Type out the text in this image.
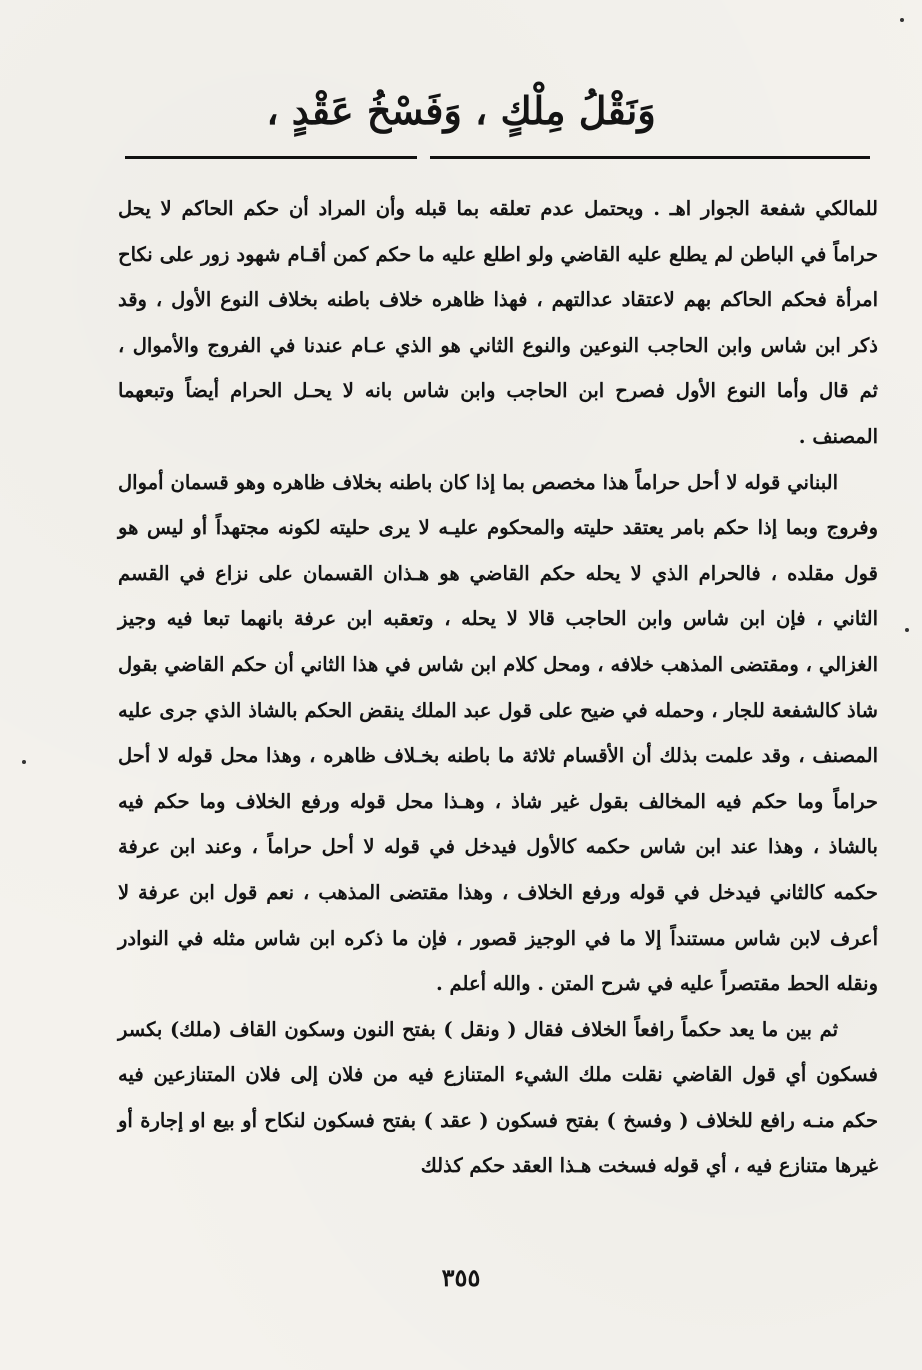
وَنَقْلُ مِلْكٍ ، وَفَسْخُ عَقْدٍ ،

للمالكي شفعة الجوار اهـ . ويحتمل عدم تعلقه بما قبله وأن المراد أن حكم الحاكم لا يحل حراماً في الباطن لم يطلع عليه القاضي ولو اطلع عليه ما حكم كمن أقـام شهود زور على نكاح امرأة فحكم الحاكم بهم لاعتقاد عدالتهم ، فهذا ظاهره خلاف باطنه بخلاف النوع الأول ، وقد ذكر ابن شاس وابن الحاجب النوعين والنوع الثاني هو الذي عـام عندنا في الفروج والأموال ، ثم قال وأما النوع الأول فصرح ابن الحاجب وابن شاس بانه لا يحـل الحرام أيضاً وتبعهما المصنف .

البناني قوله لا أحل حراماً هذا مخصص بما إذا كان باطنه بخلاف ظاهره وهو قسمان أموال وفروج وبما إذا حكم بامر يعتقد حليته والمحكوم عليـه لا يرى حليته لكونه مجتهداً أو ليس هو قول مقلده ، فالحرام الذي لا يحله حكم القاضي هو هـذان القسمان على نزاع في القسم الثاني ، فإن ابن شاس وابن الحاجب قالا لا يحله ، وتعقبه ابن عرفة بانهما تبعا فيه وجيز الغزالي ، ومقتضى المذهب خلافه ، ومحل كلام ابن شاس في هذا الثاني أن حكم القاضي بقول شاذ كالشفعة للجار ، وحمله في ضيح على قول عبد الملك ينقض الحكم بالشاذ الذي جرى عليه المصنف ، وقد علمت بذلك أن الأقسام ثلاثة ما باطنه بخـلاف ظاهره ، وهذا محل قوله لا أحل حراماً وما حكم فيه المخالف بقول غير شاذ ، وهـذا محل قوله ورفع الخلاف وما حكم فيه بالشاذ ، وهذا عند ابن شاس حكمه كالأول فيدخل في قوله لا أحل حراماً ، وعند ابن عرفة حكمه كالثاني فيدخل في قوله ورفع الخلاف ، وهذا مقتضى المذهب ، نعم قول ابن عرفة لا أعرف لابن شاس مستنداً إلا ما في الوجيز قصور ، فإن ما ذكره ابن شاس مثله في النوادر ونقله الحط مقتصراً عليه في شرح المتن . والله أعلم .

ثم بين ما يعد حكماً رافعاً الخلاف فقال ( ونقل ) بفتح النون وسكون القاف (ملك) بكسر فسكون أي قول القاضي نقلت ملك الشيء المتنازع فيه من فلان إلى فلان المتنازعين فيه حكم منـه رافع للخلاف ( وفسخ ) بفتح فسكون ( عقد ) بفتح فسكون لنكاح أو بيع او إجارة أو غيرها متنازع فيه ، أي قوله فسخت هـذا العقد حكم كذلك

٣٥٥
